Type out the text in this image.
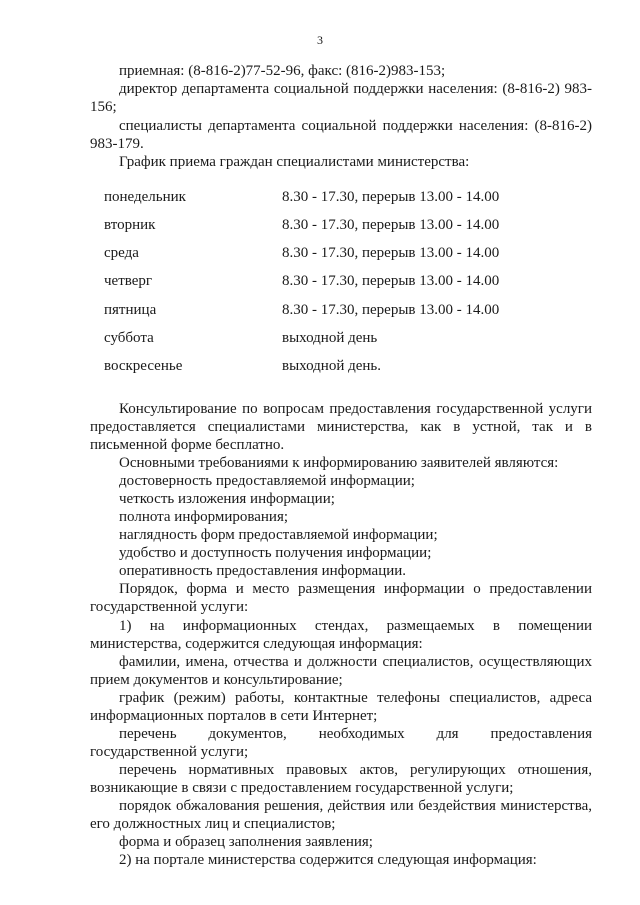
3

приемная: (8-816-2)77-52-96, факс: (816-2)983-153;

директор департамента социальной поддержки населения: (8-816-2) 983-

156;

специалисты департамента социальной поддержки населения: (8-816-2)

983-179.

График приема граждан специалистами министерства:

понедельник	8.30 - 17.30, перерыв 13.00 - 14.00
вторник	8.30 - 17.30, перерыв 13.00 - 14.00
среда	8.30 - 17.30, перерыв 13.00 - 14.00
четверг	8.30 - 17.30, перерыв 13.00 - 14.00
пятница	8.30 - 17.30, перерыв 13.00 - 14.00
суббота	выходной день
воскресенье	выходной день.

Консультирование по вопросам предоставления государственной услуги

предоставляется специалистами министерства, как в устной, так и в

письменной форме бесплатно.

Основными требованиями к информированию заявителей являются:

достоверность предоставляемой информации;

четкость изложения информации;

полнота информирования;

наглядность форм предоставляемой информации;

удобство и доступность получения информации;

оперативность предоставления информации.

Порядок, форма и место размещения информации о предоставлении

государственной услуги:

1) на информационных стендах, размещаемых в помещении

министерства, содержится следующая информация:

фамилии, имена, отчества и должности специалистов, осуществляющих

прием документов и консультирование;

график (режим) работы, контактные телефоны специалистов, адреса

информационных порталов в сети Интернет;

перечень документов, необходимых для предоставления

государственной услуги;

перечень нормативных правовых актов, регулирующих отношения,

возникающие в связи с предоставлением государственной услуги;

порядок обжалования решения, действия или бездействия министерства,

его должностных лиц и специалистов;

форма и образец заполнения заявления;

2) на портале министерства содержится следующая информация:
